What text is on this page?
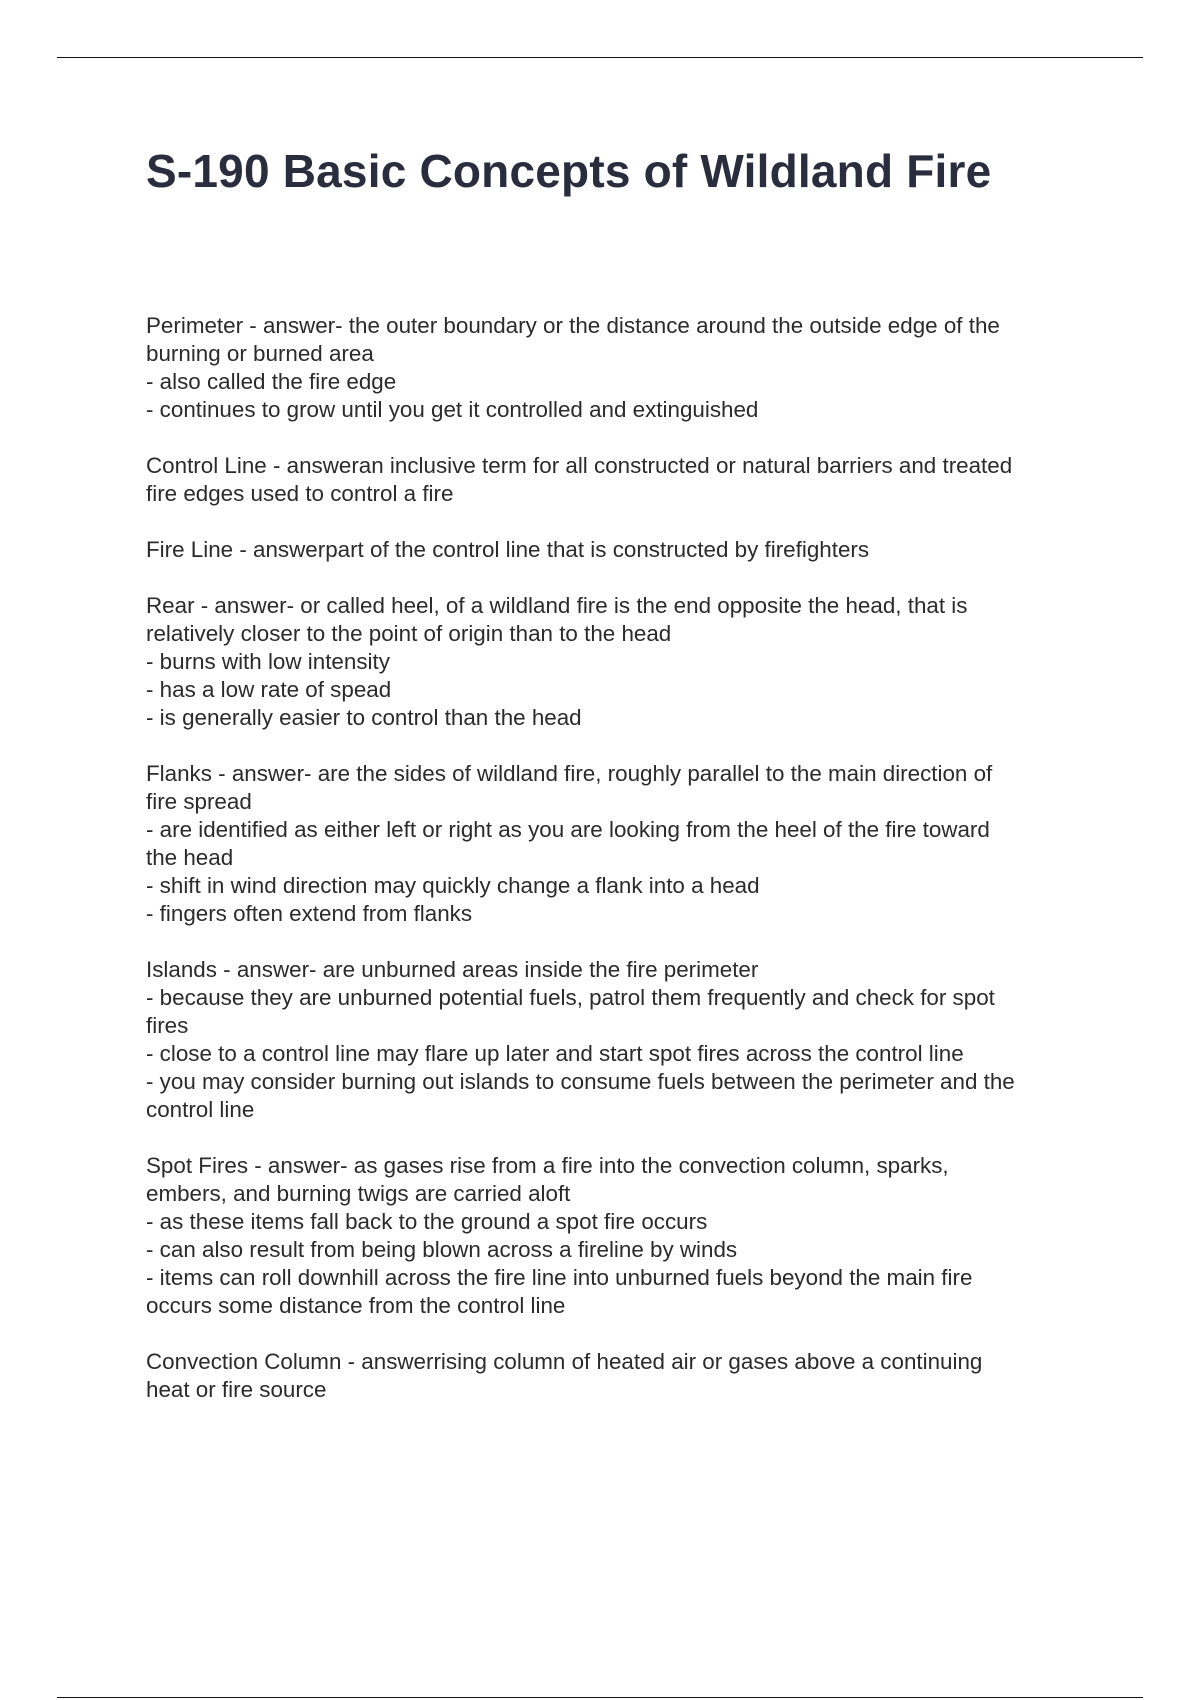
S-190 Basic Concepts of Wildland Fire
Perimeter - answer- the outer boundary or the distance around the outside edge of the
burning or burned area
- also called the fire edge
- continues to grow until you get it controlled and extinguished
Control Line - answeran inclusive term for all constructed or natural barriers and treated
fire edges used to control a fire
Fire Line - answerpart of the control line that is constructed by firefighters
Rear - answer- or called heel, of a wildland fire is the end opposite the head, that is
relatively closer to the point of origin than to the head
- burns with low intensity
- has a low rate of spead
- is generally easier to control than the head
Flanks - answer- are the sides of wildland fire, roughly parallel to the main direction of
fire spread
- are identified as either left or right as you are looking from the heel of the fire toward
the head
- shift in wind direction may quickly change a flank into a head
- fingers often extend from flanks
Islands - answer- are unburned areas inside the fire perimeter
- because they are unburned potential fuels, patrol them frequently and check for spot
fires
- close to a control line may flare up later and start spot fires across the control line
- you may consider burning out islands to consume fuels between the perimeter and the
control line
Spot Fires - answer- as gases rise from a fire into the convection column, sparks,
embers, and burning twigs are carried aloft
- as these items fall back to the ground a spot fire occurs
- can also result from being blown across a fireline by winds
- items can roll downhill across the fire line into unburned fuels beyond the main fire
occurs some distance from the control line
Convection Column - answerrising column of heated air or gases above a continuing
heat or fire source
